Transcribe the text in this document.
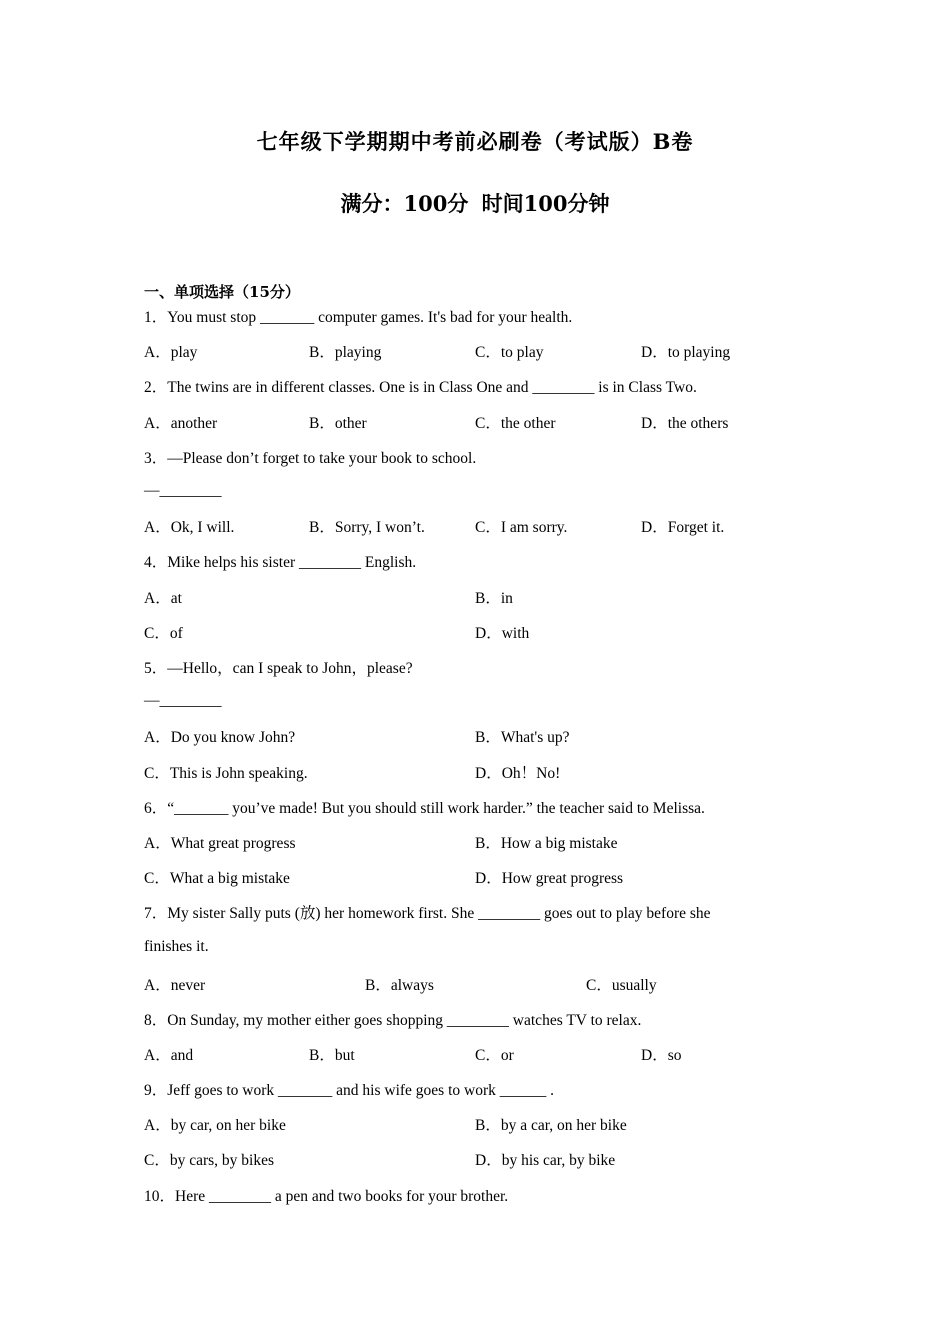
七年级下学期期中考前必刷卷（考试版）B卷
满分：100分 时间100分钟
一、单项选择（15分）
1．You must stop _______ computer games. It's bad for your health.
A．play	B．playing	C．to play	D．to playing
2．The twins are in different classes. One is in Class One and ________ is in Class Two.
A．another	B．other	C．the other	D．the others
3．—Please don’t forget to take your book to school.
—________
A．Ok, I will.	B．Sorry, I won’t.	C．I am sorry.	D．Forget it.
4．Mike helps his sister ________ English.
A．at	B．in
C．of	D．with
5．—Hello，can I speak to John，please?
—________
A．Do you know John?	B．What's up?
C．This is John speaking.	D．Oh！No!
6．“_______ you’ve made! But you should still work harder.” the teacher said to Melissa.
A．What great progress	B．How a big mistake
C．What a big mistake	D．How great progress
7．My sister Sally puts (放) her homework first. She ________ goes out to play before she
finishes it.
A．never	B．always	C．usually
8．On Sunday, my mother either goes shopping ________ watches TV to relax.
A．and	B．but	C．or	D．so
9．Jeff goes to work _______ and his wife goes to work ______ .
A．by car, on her bike	B．by a car, on her bike
C．by cars, by bikes	D．by his car, by bike
10．Here ________ a pen and two books for your brother.
